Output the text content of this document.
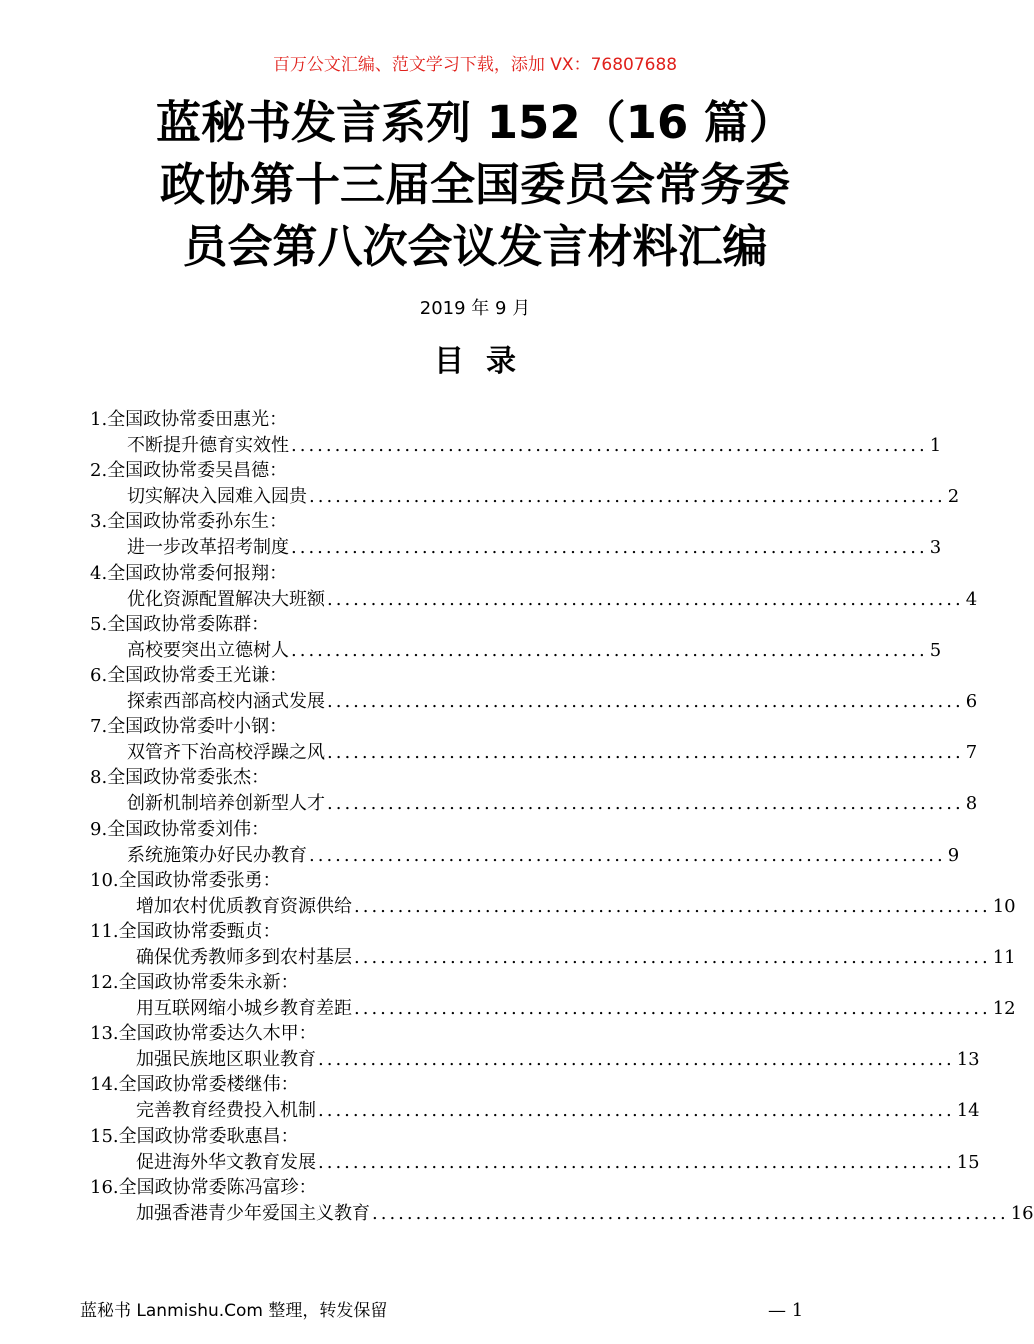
百万公文汇编、范文学习下载，添加 VX：76807688
蓝秘书发言系列 152（16 篇）
政协第十三届全国委员会常务委
员会第八次会议发言材料汇编
2019 年 9 月
目录
1.全国政协常委田惠光：
不断提升德育实效性 ......................................................................... 1
2.全国政协常委吴昌德：
切实解决入园难入园贵 ......................................................................... 2
3.全国政协常委孙东生：
进一步改革招考制度 ......................................................................... 3
4.全国政协常委何报翔：
优化资源配置解决大班额 ......................................................................... 4
5.全国政协常委陈群：
高校要突出立德树人 ......................................................................... 5
6.全国政协常委王光谦：
探索西部高校内涵式发展 ......................................................................... 6
7.全国政协常委叶小钢：
双管齐下治高校浮躁之风 ......................................................................... 7
8.全国政协常委张杰：
创新机制培养创新型人才 ......................................................................... 8
9.全国政协常委刘伟：
系统施策办好民办教育 ......................................................................... 9
10.全国政协常委张勇：
增加农村优质教育资源供给 ......................................................................... 10
11.全国政协常委甄贞：
确保优秀教师多到农村基层 ......................................................................... 11
12.全国政协常委朱永新：
用互联网缩小城乡教育差距 ......................................................................... 12
13.全国政协常委达久木甲：
加强民族地区职业教育 ......................................................................... 13
14.全国政协常委楼继伟：
完善教育经费投入机制 ......................................................................... 14
15.全国政协常委耿惠昌：
促进海外华文教育发展 ......................................................................... 15
16.全国政协常委陈冯富珍：
加强香港青少年爱国主义教育 ......................................................................... 16
蓝秘书 Lanmishu.Com 整理，转发保留	— 1
